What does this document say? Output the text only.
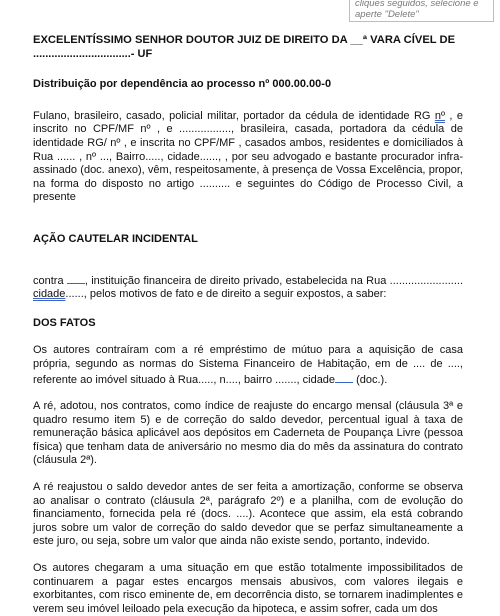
cliques seguidos, selecione e
aperte "Delete"

EXCELENTÍSSIMO SENHOR DOUTOR JUIZ DE DIREITO DA __ª VARA CÍVEL DE

................................- UF

Distribuição por dependência ao processo nº 000.00.00-0

Fulano, brasileiro, casado, policial militar, portador da cédula de identidade RG nº , e inscrito no CPF/MF nº , e ................., brasileira, casada, portadora da cédula de identidade RG/ nº , e inscrita no CPF/MF , casados ambos, residentes e domiciliados à Rua ...... , nº ..., Bairro....., cidade......, , por seu advogado e bastante procurador infra-assinado (doc. anexo), vêm, respeitosamente, à presença de Vossa Excelência, propor, na forma do disposto no artigo .......... e seguintes do Código de Processo Civil, a presente

AÇÃO CAUTELAR INCIDENTAL

contra , instituição financeira de direito privado, estabelecida na Rua ........................ cidade......, pelos motivos de fato e de direito a seguir expostos, a saber:

DOS FATOS

Os autores contraíram com a ré empréstimo de mútuo para a aquisição de casa própria, segundo as normas do Sistema Financeiro de Habitação, em de .... de ...., referente ao imóvel situado à Rua....., n...., bairro ......., cidade (doc.).

A ré, adotou, nos contratos, como índice de reajuste do encargo mensal (cláusula 3ª e quadro resumo item 5) e de correção do saldo devedor, percentual igual à taxa de remuneração básica aplicável aos depósitos em Caderneta de Poupança Livre (pessoa física) que tenham data de aniversário no mesmo dia do mês da assinatura do contrato (cláusula 2ª).

A ré reajustou o saldo devedor antes de ser feita a amortização, conforme se observa ao analisar o contrato (cláusula 2ª, parágrafo 2º) e a planilha, com de evolução do financiamento, fornecida pela ré (docs. ....). Acontece que assim, ela está cobrando juros sobre um valor de correção do saldo devedor que se perfaz simultaneamente a este juro, ou seja, sobre um valor que ainda não existe sendo, portanto, indevido.

Os autores chegaram a uma situação em que estão totalmente impossibilitados de continuarem a pagar estes encargos mensais abusivos, com valores ilegais e exorbitantes, com risco eminente de, em decorrência disto, se tornarem inadimplentes e verem seu imóvel leiloado pela execução da hipoteca, e assim sofrer, cada um dos
